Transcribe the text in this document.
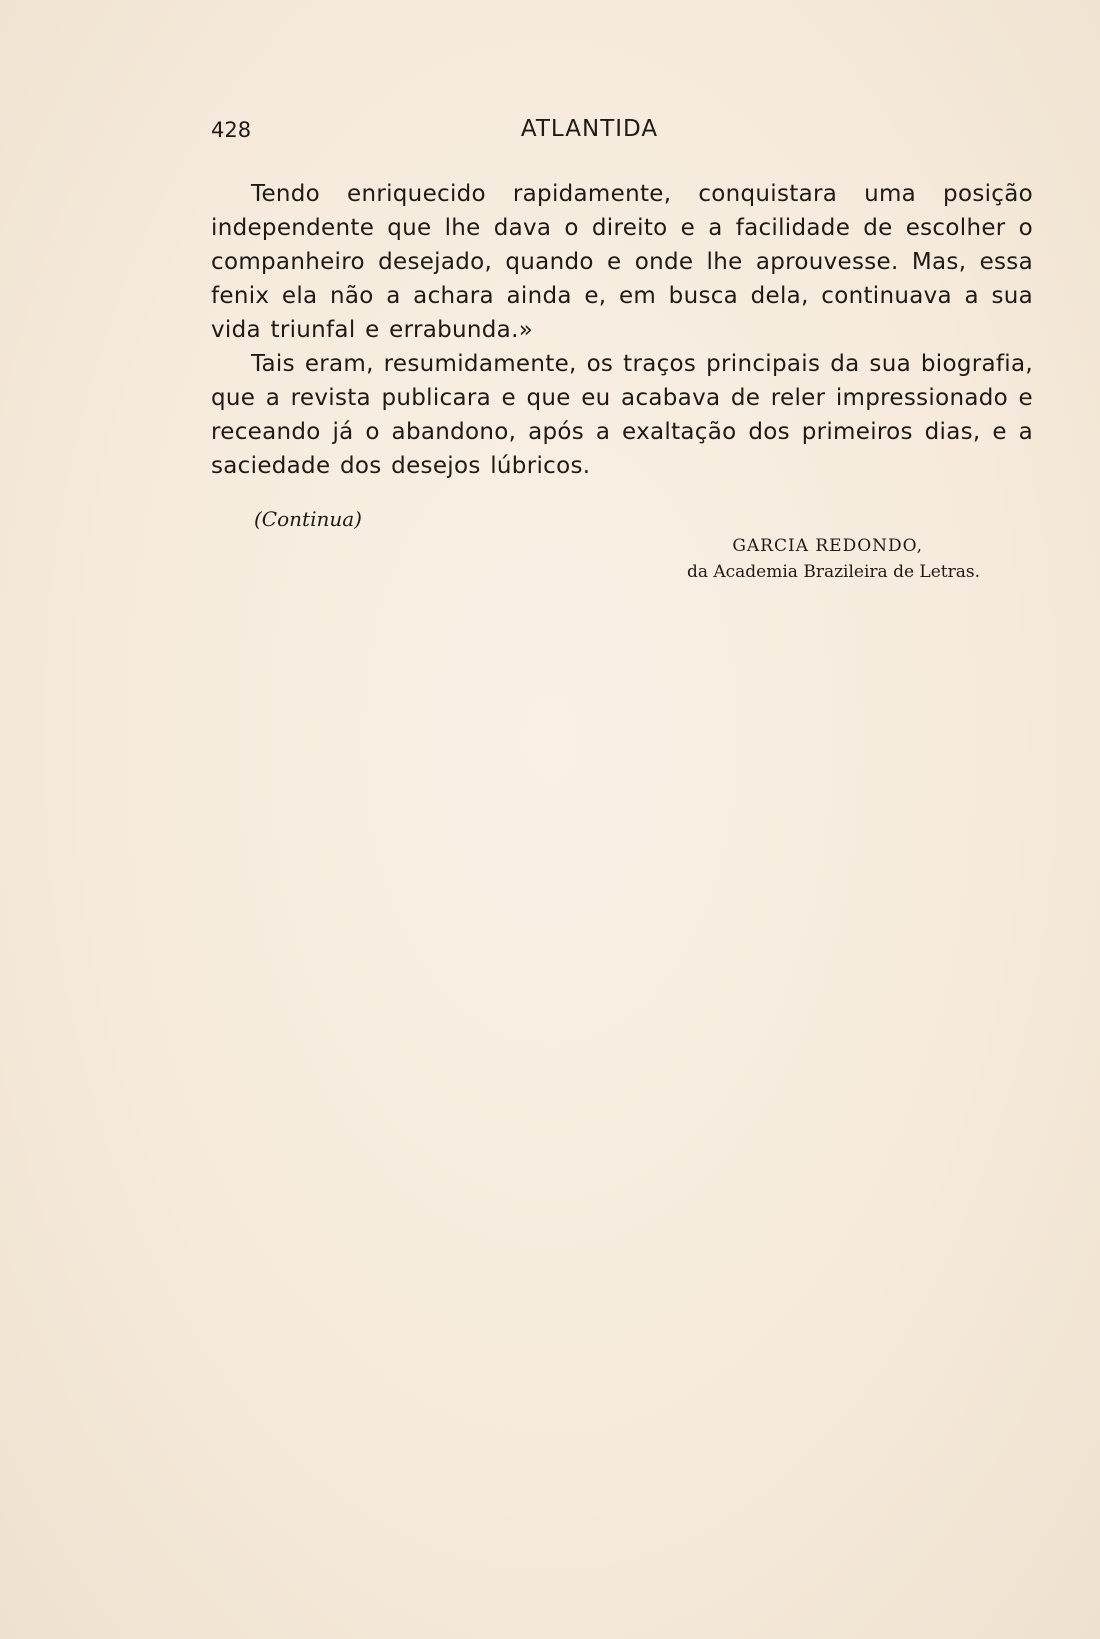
428	ATLANTIDA

Tendo enriquecido rapidamente, conquistara uma posição independente que lhe dava o direito e a facilidade de escolher o companheiro desejado, quando e onde lhe aprouvesse. Mas, essa fenix ela não a achara ainda e, em busca dela, continuava a sua vida triunfal e errabunda.»

Tais eram, resumidamente, os traços principais da sua biografia, que a revista publicara e que eu acabava de reler impressionado e receando já o abandono, após a exaltação dos primeiros dias, e a saciedade dos desejos lúbricos.

(Continua)
GARCIA REDONDO,
da Academia Brazileira de Letras.
